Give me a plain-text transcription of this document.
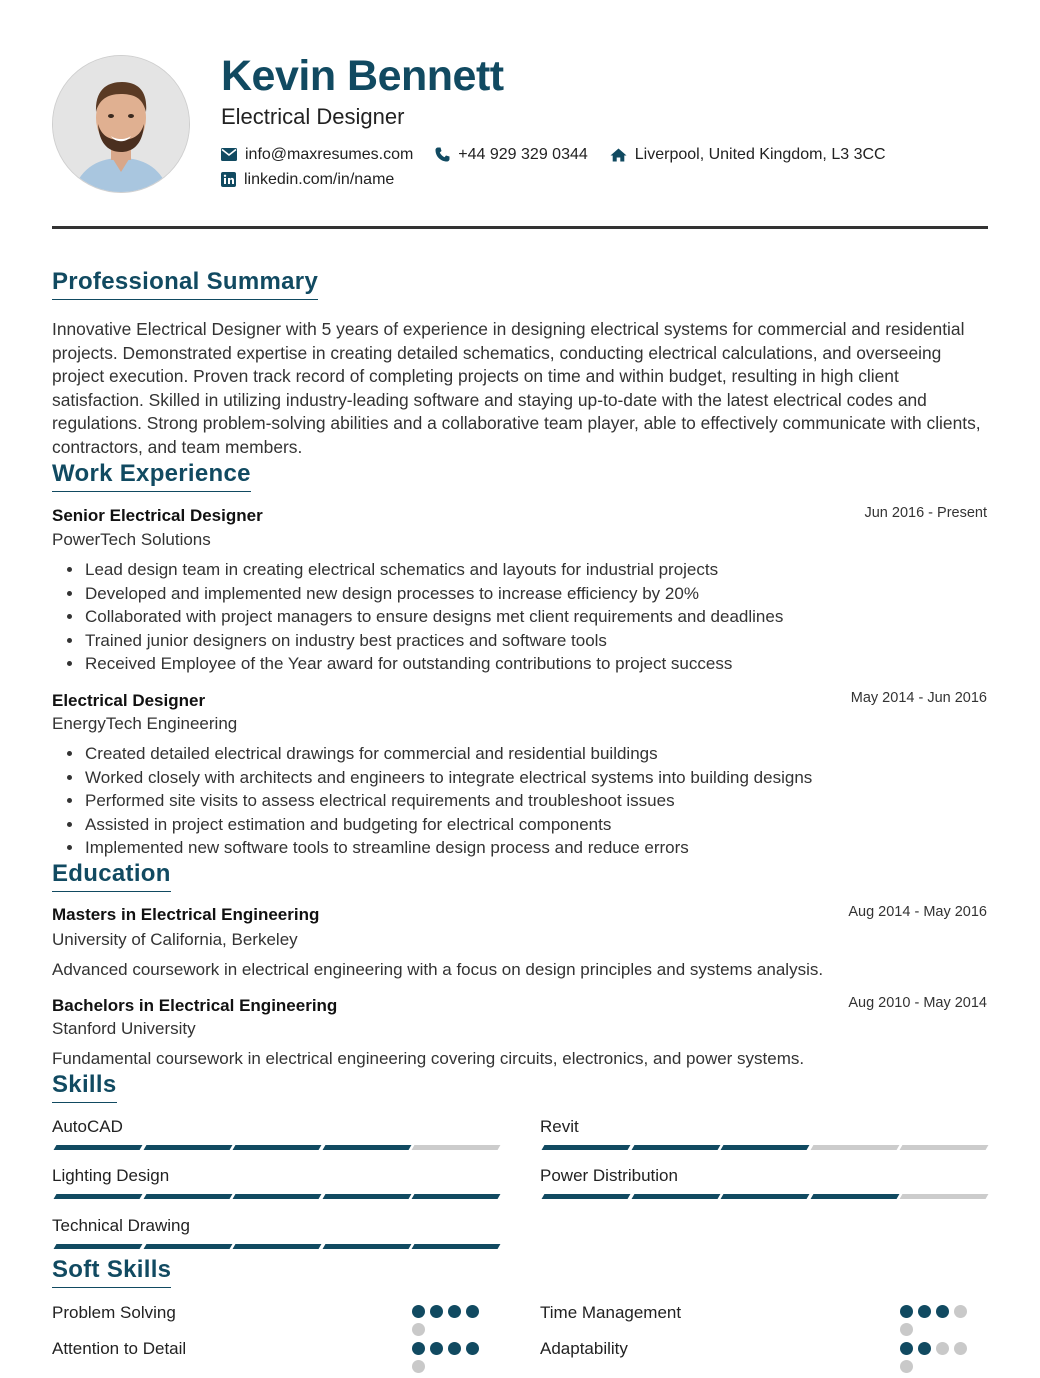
Kevin Bennett
Electrical Designer
info@maxresumes.com	+44 929 329 0344	Liverpool, United Kingdom, L3 3CC
linkedin.com/in/name
Professional Summary
Innovative Electrical Designer with 5 years of experience in designing electrical systems for commercial and residential projects. Demonstrated expertise in creating detailed schematics, conducting electrical calculations, and overseeing project execution. Proven track record of completing projects on time and within budget, resulting in high client satisfaction. Skilled in utilizing industry-leading software and staying up-to-date with the latest electrical codes and regulations. Strong problem-solving abilities and a collaborative team player, able to effectively communicate with clients, contractors, and team members.
Work Experience
Senior Electrical Designer	Jun 2016 - Present
PowerTech Solutions
• Lead design team in creating electrical schematics and layouts for industrial projects
• Developed and implemented new design processes to increase efficiency by 20%
• Collaborated with project managers to ensure designs met client requirements and deadlines
• Trained junior designers on industry best practices and software tools
• Received Employee of the Year award for outstanding contributions to project success
Electrical Designer	May 2014 - Jun 2016
EnergyTech Engineering
• Created detailed electrical drawings for commercial and residential buildings
• Worked closely with architects and engineers to integrate electrical systems into building designs
• Performed site visits to assess electrical requirements and troubleshoot issues
• Assisted in project estimation and budgeting for electrical components
• Implemented new software tools to streamline design process and reduce errors
Education
Masters in Electrical Engineering	Aug 2014 - May 2016
University of California, Berkeley
Advanced coursework in electrical engineering with a focus on design principles and systems analysis.
Bachelors in Electrical Engineering	Aug 2010 - May 2014
Stanford University
Fundamental coursework in electrical engineering covering circuits, electronics, and power systems.
Skills
AutoCAD	Revit
Lighting Design	Power Distribution
Technical Drawing
Soft Skills
Problem Solving	Time Management
Attention to Detail	Adaptability
